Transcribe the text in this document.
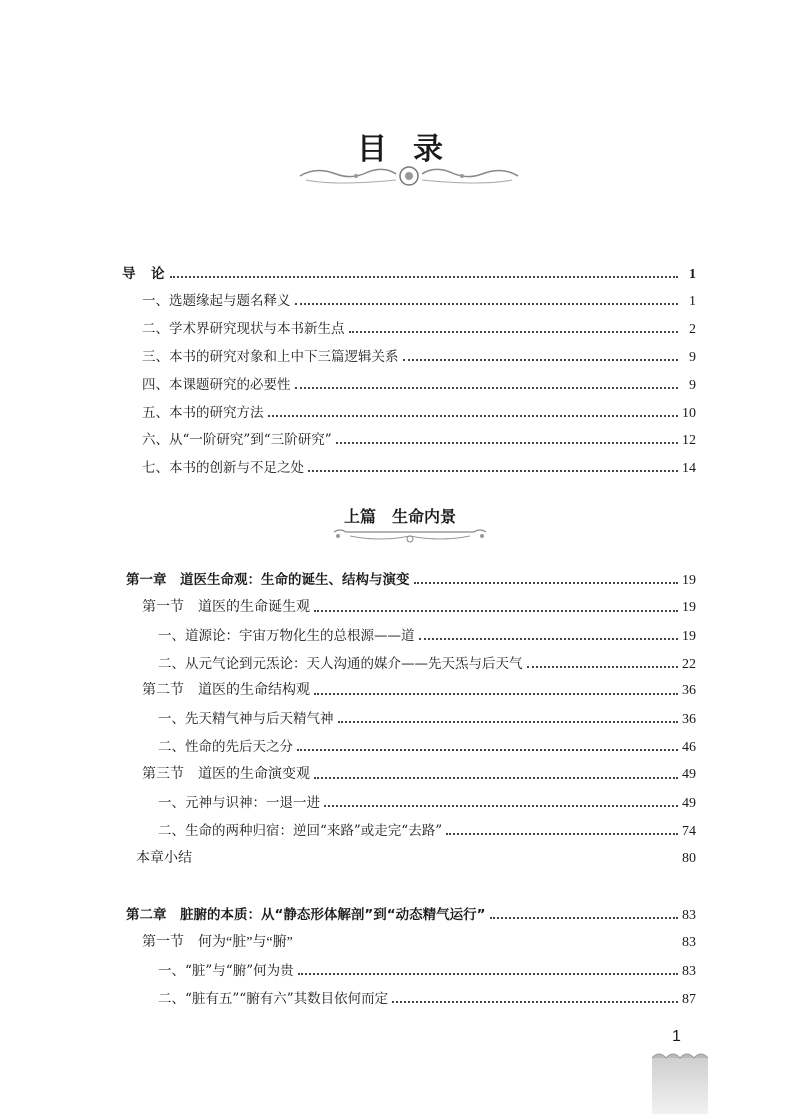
目录
导　论	1
一、选题缘起与题名释义	1
二、学术界研究现状与本书新生点	2
三、本书的研究对象和上中下三篇逻辑关系	9
四、本课题研究的必要性	9
五、本书的研究方法	10
六、从“一阶研究”到“三阶研究”	12
七、本书的创新与不足之处	14
上篇　生命内景
第一章　道医生命观：生命的诞生、结构与演变	19
第一节　道医的生命诞生观	19
一、道源论：宇宙万物化生的总根源——道	19
二、从元气论到元炁论：天人沟通的媒介——先天炁与后天气	22
第二节　道医的生命结构观	36
一、先天精气神与后天精气神	36
二、性命的先后天之分	46
第三节　道医的生命演变观	49
一、元神与识神：一退一进	49
二、生命的两种归宿：逆回“来路”或走完“去路”	74
本章小结	80
第二章　脏腑的本质：从“静态形体解剖”到“动态精气运行”	83
第一节　何为“脏”与“腑”	83
一、“脏”与“腑”何为贵	83
二、“脏有五”“腑有六”其数目依何而定	87
1
